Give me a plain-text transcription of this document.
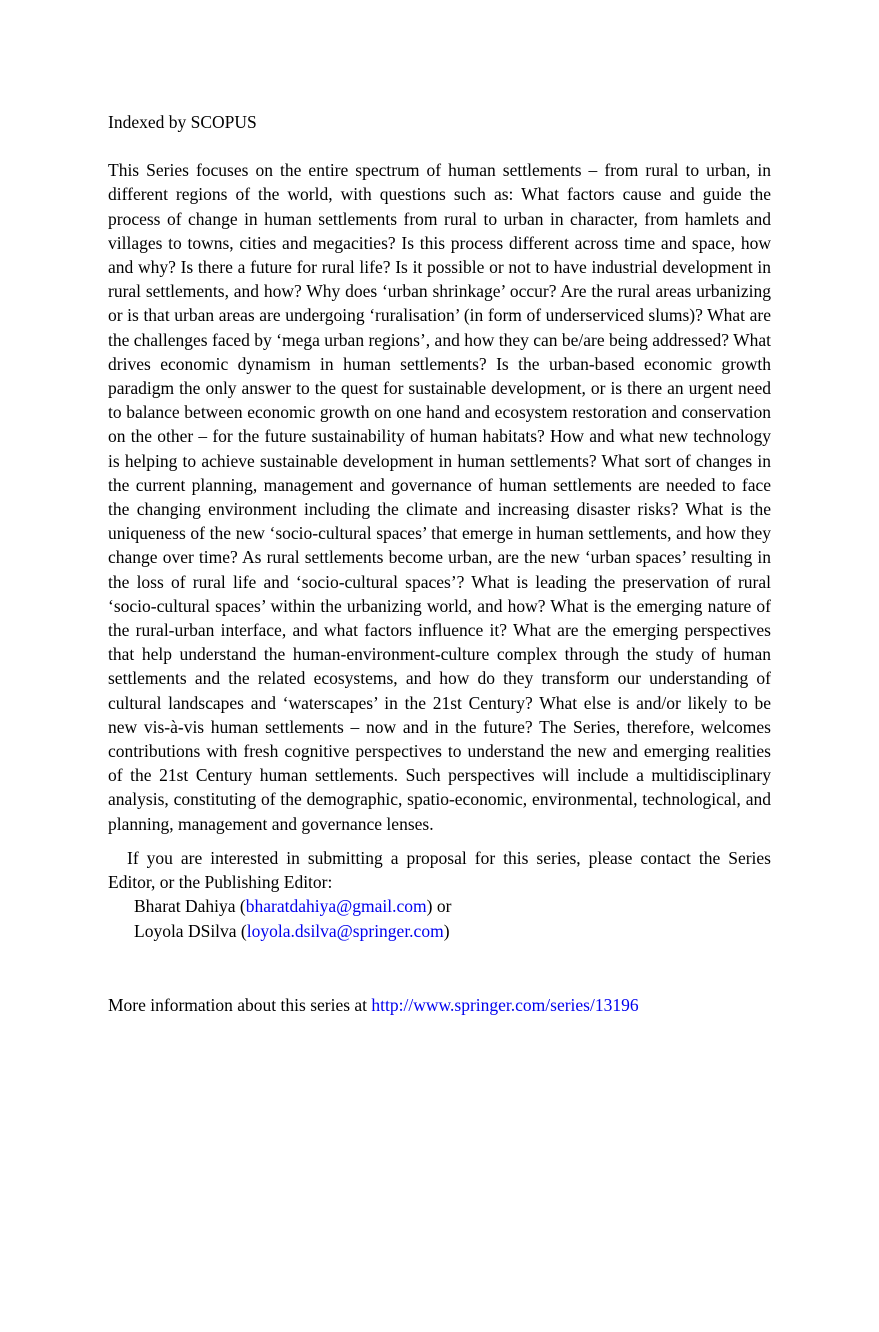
Indexed by SCOPUS

This Series focuses on the entire spectrum of human settlements – from rural to urban, in different regions of the world, with questions such as: What factors cause and guide the process of change in human settlements from rural to urban in character, from hamlets and villages to towns, cities and megacities? Is this process different across time and space, how and why? Is there a future for rural life? Is it possible or not to have industrial development in rural settlements, and how? Why does ‘urban shrinkage’ occur? Are the rural areas urbanizing or is that urban areas are undergoing ‘ruralisation’ (in form of underserviced slums)? What are the challenges faced by ‘mega urban regions’, and how they can be/are being addressed? What drives economic dynamism in human settlements? Is the urban-based economic growth paradigm the only answer to the quest for sustainable development, or is there an urgent need to balance between economic growth on one hand and ecosystem restoration and conservation on the other – for the future sustainability of human habitats? How and what new technology is helping to achieve sustainable development in human settlements? What sort of changes in the current planning, management and governance of human settlements are needed to face the changing environment including the climate and increasing disaster risks? What is the uniqueness of the new ‘socio-cultural spaces’ that emerge in human settlements, and how they change over time? As rural settlements become urban, are the new ‘urban spaces’ resulting in the loss of rural life and ‘socio-cultural spaces’? What is leading the preservation of rural ‘socio-cultural spaces’ within the urbanizing world, and how? What is the emerging nature of the rural-urban interface, and what factors influence it? What are the emerging perspectives that help understand the human-environment-culture complex through the study of human settlements and the related ecosystems, and how do they transform our understanding of cultural landscapes and ‘waterscapes’ in the 21st Century? What else is and/or likely to be new vis-à-vis human settlements – now and in the future? The Series, therefore, welcomes contributions with fresh cognitive perspectives to understand the new and emerging realities of the 21st Century human settlements. Such perspectives will include a multidisciplinary analysis, constituting of the demographic, spatio-economic, environmental, technological, and planning, management and governance lenses.

If you are interested in submitting a proposal for this series, please contact the Series Editor, or the Publishing Editor:

Bharat Dahiya (bharatdahiya@gmail.com) or

Loyola DSilva (loyola.dsilva@springer.com)

More information about this series at http://www.springer.com/series/13196
